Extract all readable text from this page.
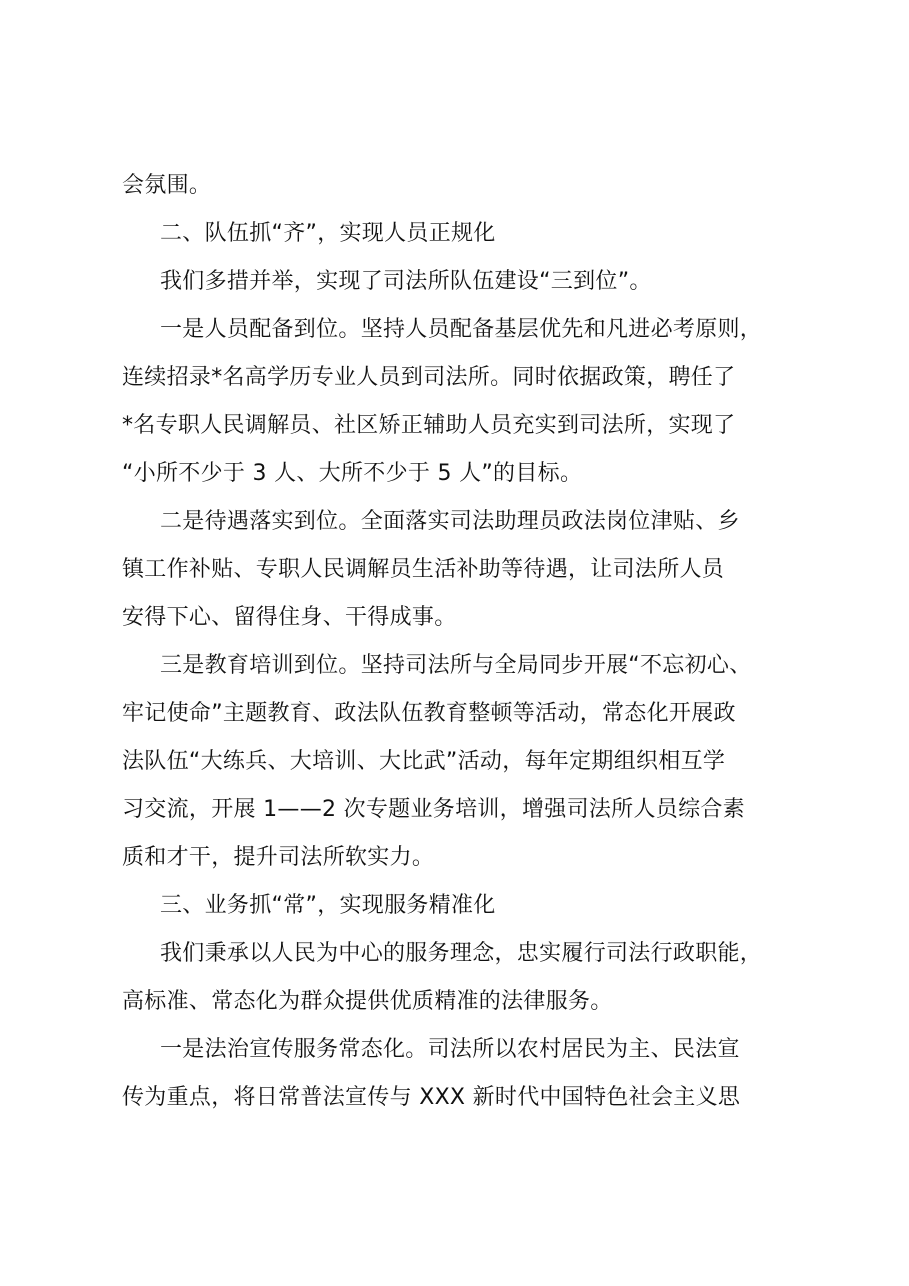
会氛围。
二、队伍抓“齐”，实现人员正规化
我们多措并举，实现了司法所队伍建设“三到位”。
一是人员配备到位。坚持人员配备基层优先和凡进必考原则，
连续招录*名高学历专业人员到司法所。同时依据政策，聘任了
*名专职人民调解员、社区矫正辅助人员充实到司法所，实现了
“小所不少于 3 人、大所不少于 5 人”的目标。
二是待遇落实到位。全面落实司法助理员政法岗位津贴、乡
镇工作补贴、专职人民调解员生活补助等待遇，让司法所人员
安得下心、留得住身、干得成事。
三是教育培训到位。坚持司法所与全局同步开展“不忘初心、
牢记使命”主题教育、政法队伍教育整顿等活动，常态化开展政
法队伍“大练兵、大培训、大比武”活动，每年定期组织相互学
习交流，开展 1——2 次专题业务培训，增强司法所人员综合素
质和才干，提升司法所软实力。
三、业务抓“常”，实现服务精准化
我们秉承以人民为中心的服务理念，忠实履行司法行政职能，
高标准、常态化为群众提供优质精准的法律服务。
一是法治宣传服务常态化。司法所以农村居民为主、民法宣
传为重点，将日常普法宣传与 XXX 新时代中国特色社会主义思
